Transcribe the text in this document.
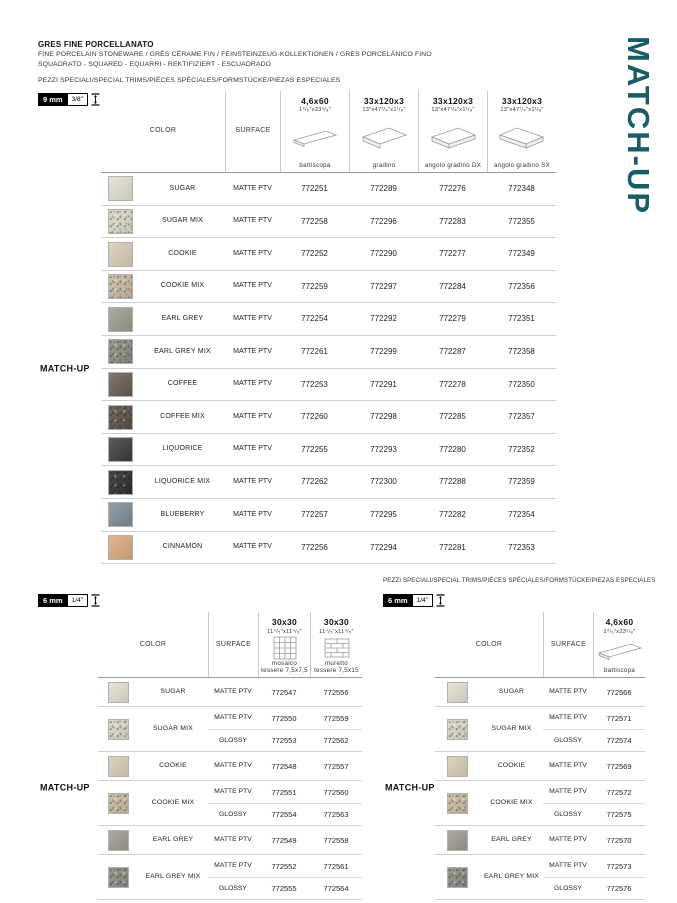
GRES FINE PORCELLANATO
FINE PORCELAIN STONEWARE / GRÈS CÉRAME FIN / FEINSTEINZEUG-KOLLEKTIONEN / GRES PORCELÁNICO FINO
SQUADRATO - SQUARED - EQUARRI - REKTIFIZIERT - ESCUADRADO
PEZZI SPECIALI/SPECIAL TRIMS/PIÈCES SPÉCIALES/FORMSTÜCKE/PIEZAS ESPECIALES	MATCH-UP
9 mm	3/8"
MATCH-UP
COLOR	SURFACE
4,6x60
1⁴/₅"x23⁵/₈"
battiscopa
33x120x3
13"x47¹/₄"x1¹/₈"
gradino
33x120x3
13"x47¹/₄"x1¹/₈"
angolo gradino DX
33x120x3
13"x47¹/₄"x1¹/₈"
angolo gradino SX
SUGAR	MATTE PTV	772251	772289	772276	772348
SUGAR MIX	MATTE PTV	772258	772296	772283	772355
COOKIE	MATTE PTV	772252	772290	772277	772349
COOKIE MIX	MATTE PTV	772259	772297	772284	772356
EARL GREY	MATTE PTV	772254	772292	772279	772351
EARL GREY MIX	MATTE PTV	772261	772299	772287	772358
COFFEE	MATTE PTV	772253	772291	772278	772350
COFFEE MIX	MATTE PTV	772260	772298	772285	772357
LIQUORICE	MATTE PTV	772255	772293	772280	772352
LIQUORICE MIX	MATTE PTV	772262	772300	772288	772359
BLUEBERRY	MATTE PTV	772257	772295	772282	772354
CINNAMON	MATTE PTV	772256	772294	772281	772353
6 mm	1/4"
MATCH-UP
COLOR	SURFACE
30x30
11⁴/₅"x11⁴/₅"
mosaico tessere 7,5x7,5
30x30
11⁴/₅"x11⁴/₅"
muretto tessere 7,5x15
SUGAR	MATTE PTV	772547	772556
SUGAR MIX
MATTE PTV	772550	772559
GLOSSY	772553	772562
COOKIE	MATTE PTV	772548	772557
COOKIE MIX
MATTE PTV	772551	772560
GLOSSY	772554	772563
EARL GREY	MATTE PTV	772549	772558
EARL GREY MIX
MATTE PTV	772552	772561
GLOSSY	772555	772564
PEZZI SPECIALI/SPECIAL TRIMS/PIÈCES SPÉCIALES/FORMSTÜCKE/PIEZAS ESPECIALES
6 mm	1/4"
MATCH-UP
COLOR	SURFACE
4,6x60
1⁴/₅"x23⁵/₈"
battiscopa
SUGAR	MATTE PTV	772566
SUGAR MIX
MATTE PTV	772571
GLOSSY	772574
COOKIE	MATTE PTV	772569
COOKIE MIX
MATTE PTV	772572
GLOSSY	772575
EARL GREY	MATTE PTV	772570
EARL GREY MIX
MATTE PTV	772573
GLOSSY	772576
